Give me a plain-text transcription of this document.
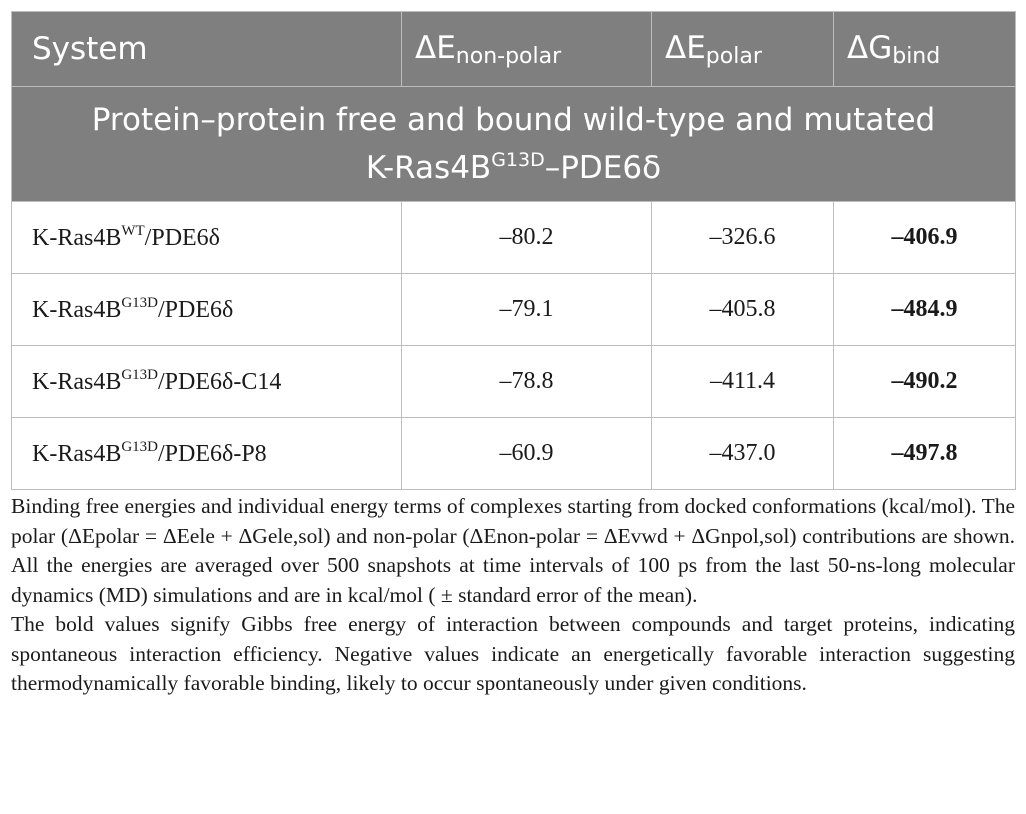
System	$\Delta E_{non-polar}$	$\Delta E_{polar}$	$\Delta G_{bind}$
Protein–protein free and bound wild-type and mutated
$K-Ras4B^{G13D}-PDE6\delta$			
$K-Ras4B^{WT}/PDE6\delta$	–80.2	–326.6	–406.9
$K-Ras4B^{G13D}/PDE6\delta$	–79.1	–405.8	–484.9
$K-Ras4B^{G13D}/PDE6\delta-C14$	–78.8	–411.4	–490.2
$K-Ras4B^{G13D}/PDE6\delta-P8$	–60.9	–437.0	–497.8

Binding free energies and individual energy terms of complexes starting from docked conformations (kcal/mol). The polar (ΔEpolar = ΔEele + ΔGele,sol) and non-polar (ΔEnon-polar = ΔEvwd + ΔGnpol,sol) contributions are shown. All the energies are averaged over 500 snapshots at time intervals of 100 ps from the last 50-ns-long molecular dynamics (MD) simulations and are in kcal/mol ( ± standard error of the mean).

The bold values signify Gibbs free energy of interaction between compounds and target proteins, indicating spontaneous interaction efficiency. Negative values indicate an energetically favorable interaction suggesting thermodynamically favorable binding, likely to occur spontaneously under given conditions.
